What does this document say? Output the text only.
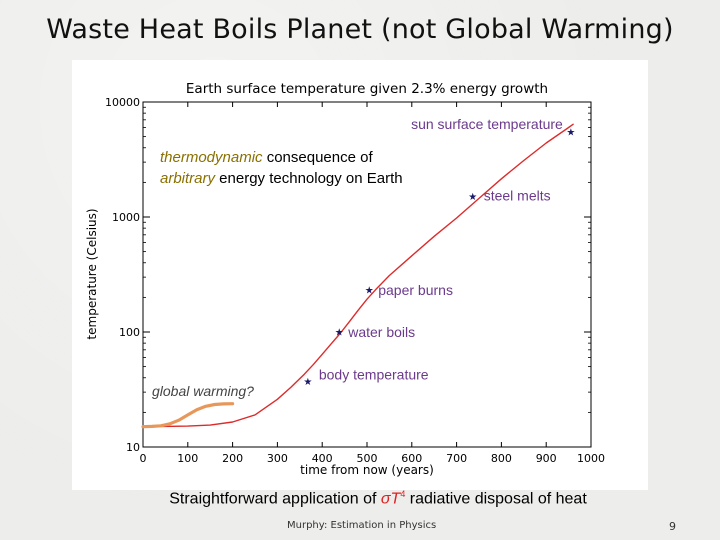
Waste Heat Boils Planet (not Global Warming)
Earth surface temperature given 2.3% energy growth
time from now (years)
temperature (Celsius)
thermodynamic consequence of
arbitrary energy technology on Earth
global warming?
0	100 200 300 400 500 600 700 800 900 1000
10
100
1000
10000
★ body temperature
★ water boils
★ paper burns
★ steel melts
★
sun surface temperature
Straightforward application of $\sigma T^4$ radiative disposal of heat
Murphy: Estimation in Physics	9
